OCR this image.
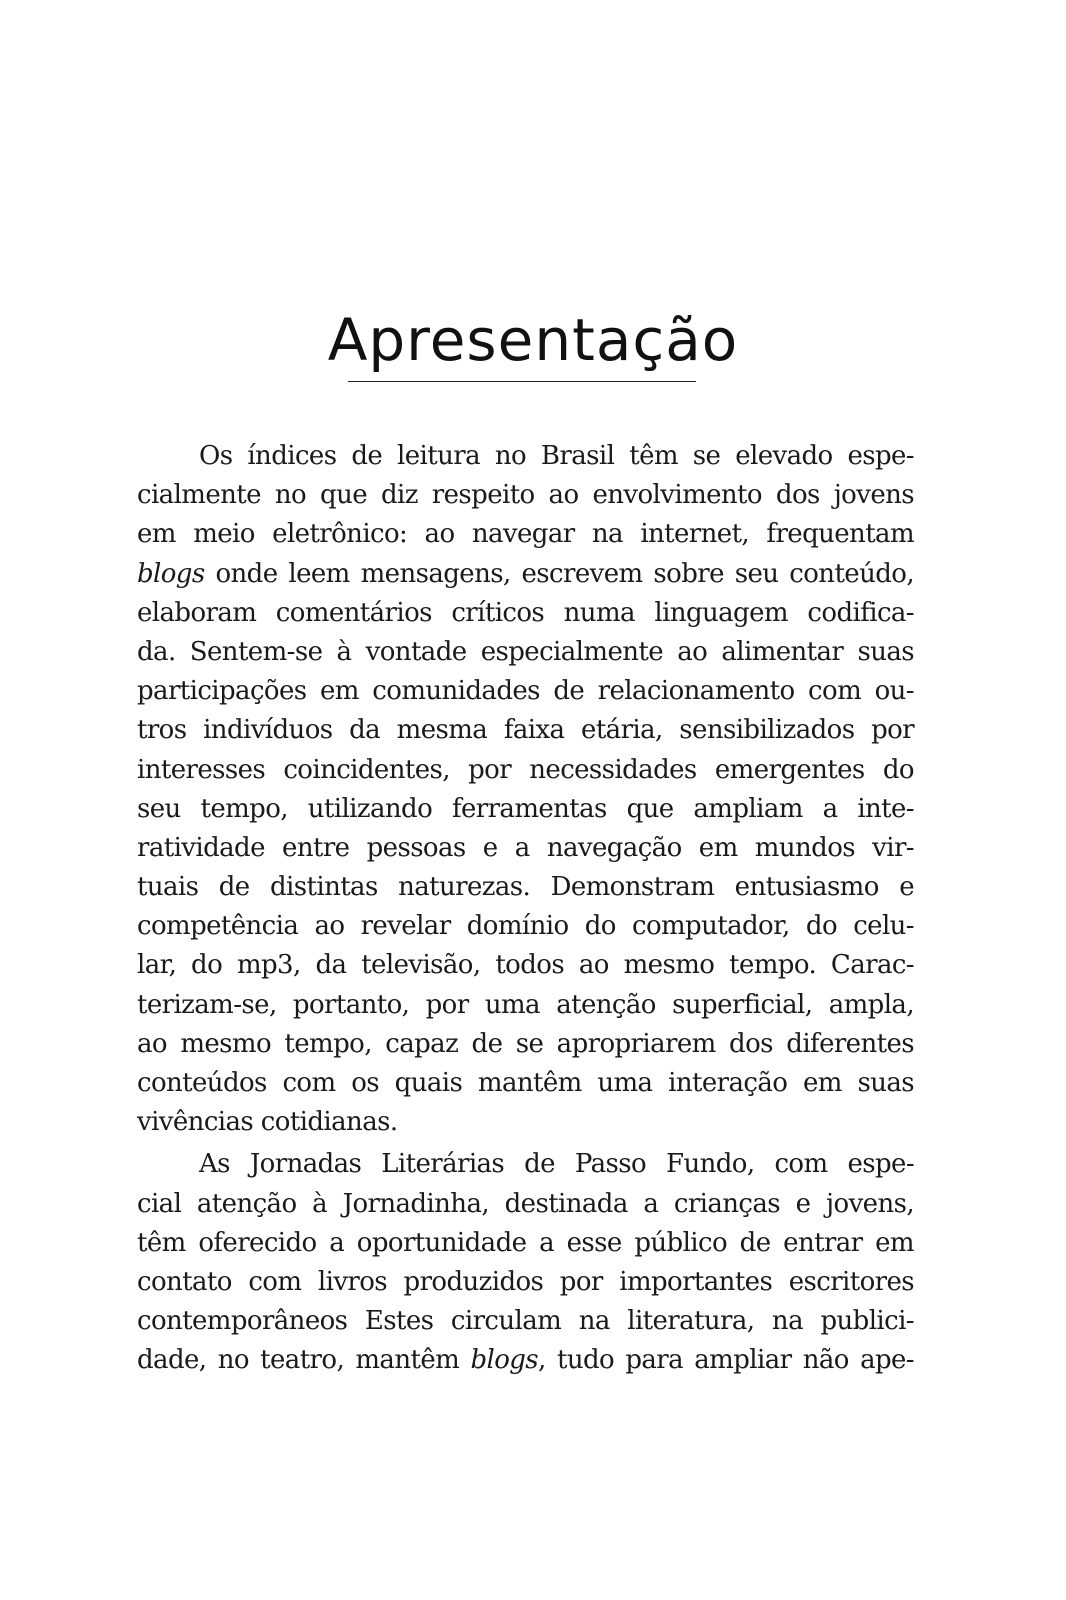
Apresentação
Os índices de leitura no Brasil têm se elevado espe-
cialmente no que diz respeito ao envolvimento dos jovens
em meio eletrônico: ao navegar na internet, frequentam
blogs onde leem mensagens, escrevem sobre seu conteúdo,
elaboram comentários críticos numa linguagem codifica-
da. Sentem-se à vontade especialmente ao alimentar suas
participações em comunidades de relacionamento com ou-
tros indivíduos da mesma faixa etária, sensibilizados por
interesses coincidentes, por necessidades emergentes do
seu tempo, utilizando ferramentas que ampliam a inte-
ratividade entre pessoas e a navegação em mundos vir-
tuais de distintas naturezas. Demonstram entusiasmo e
competência ao revelar domínio do computador, do celu-
lar, do mp3, da televisão, todos ao mesmo tempo. Carac-
terizam-se, portanto, por uma atenção superficial, ampla,
ao mesmo tempo, capaz de se apropriarem dos diferentes
conteúdos com os quais mantêm uma interação em suas
vivências cotidianas.
As Jornadas Literárias de Passo Fundo, com espe-
cial atenção à Jornadinha, destinada a crianças e jovens,
têm oferecido a oportunidade a esse público de entrar em
contato com livros produzidos por importantes escritores
contemporâneos Estes circulam na literatura, na publici-
dade, no teatro, mantêm blogs, tudo para ampliar não ape-
